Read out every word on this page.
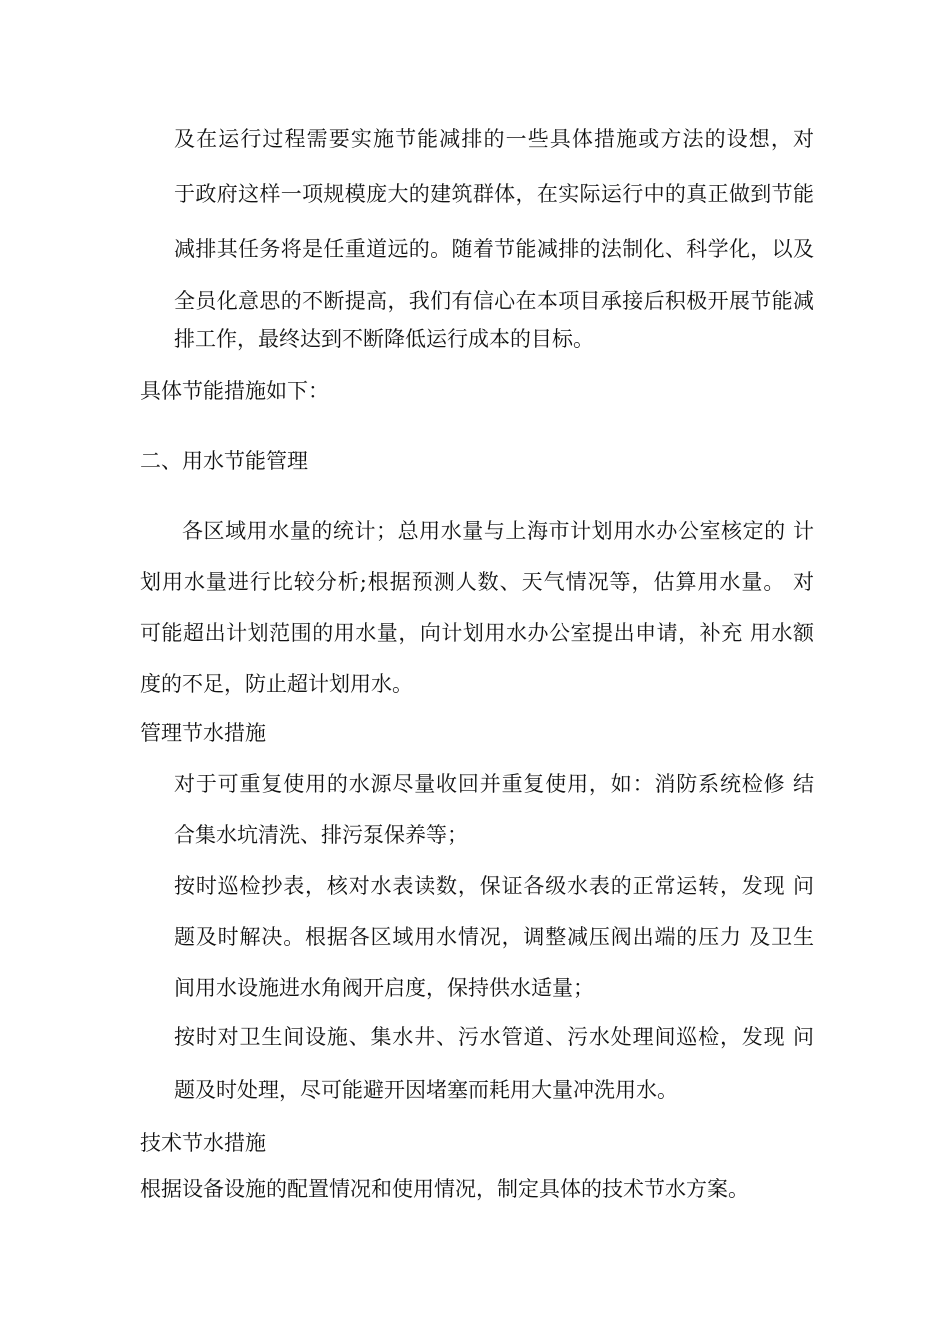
及在运行过程需要实施节能减排的一些具体措施或方法的设想，对

于政府这样一项规模庞大的建筑群体，在实际运行中的真正做到节能

减排其任务将是任重道远的。随着节能减排的法制化、科学化，以及

全员化意思的不断提高，我们有信心在本项目承接后积极开展节能减

排工作，最终达到不断降低运行成本的目标。

具体节能措施如下：

二、用水节能管理

各区域用水量的统计；总用水量与上海市计划用水办公室核定的 计

划用水量进行比较分析;根据预测人数、天气情况等，估算用水量。 对

可能超出计划范围的用水量，向计划用水办公室提出申请，补充 用水额

度的不足，防止超计划用水。

管理节水措施

对于可重复使用的水源尽量收回并重复使用，如：消防系统检修 结

合集水坑清洗、排污泵保养等；

按时巡检抄表，核对水表读数，保证各级水表的正常运转，发现 问

题及时解决。根据各区域用水情况，调整减压阀出端的压力 及卫生

间用水设施进水角阀开启度，保持供水适量；

按时对卫生间设施、集水井、污水管道、污水处理间巡检，发现 问

题及时处理，尽可能避开因堵塞而耗用大量冲洗用水。

技术节水措施

根据设备设施的配置情况和使用情况，制定具体的技术节水方案。
